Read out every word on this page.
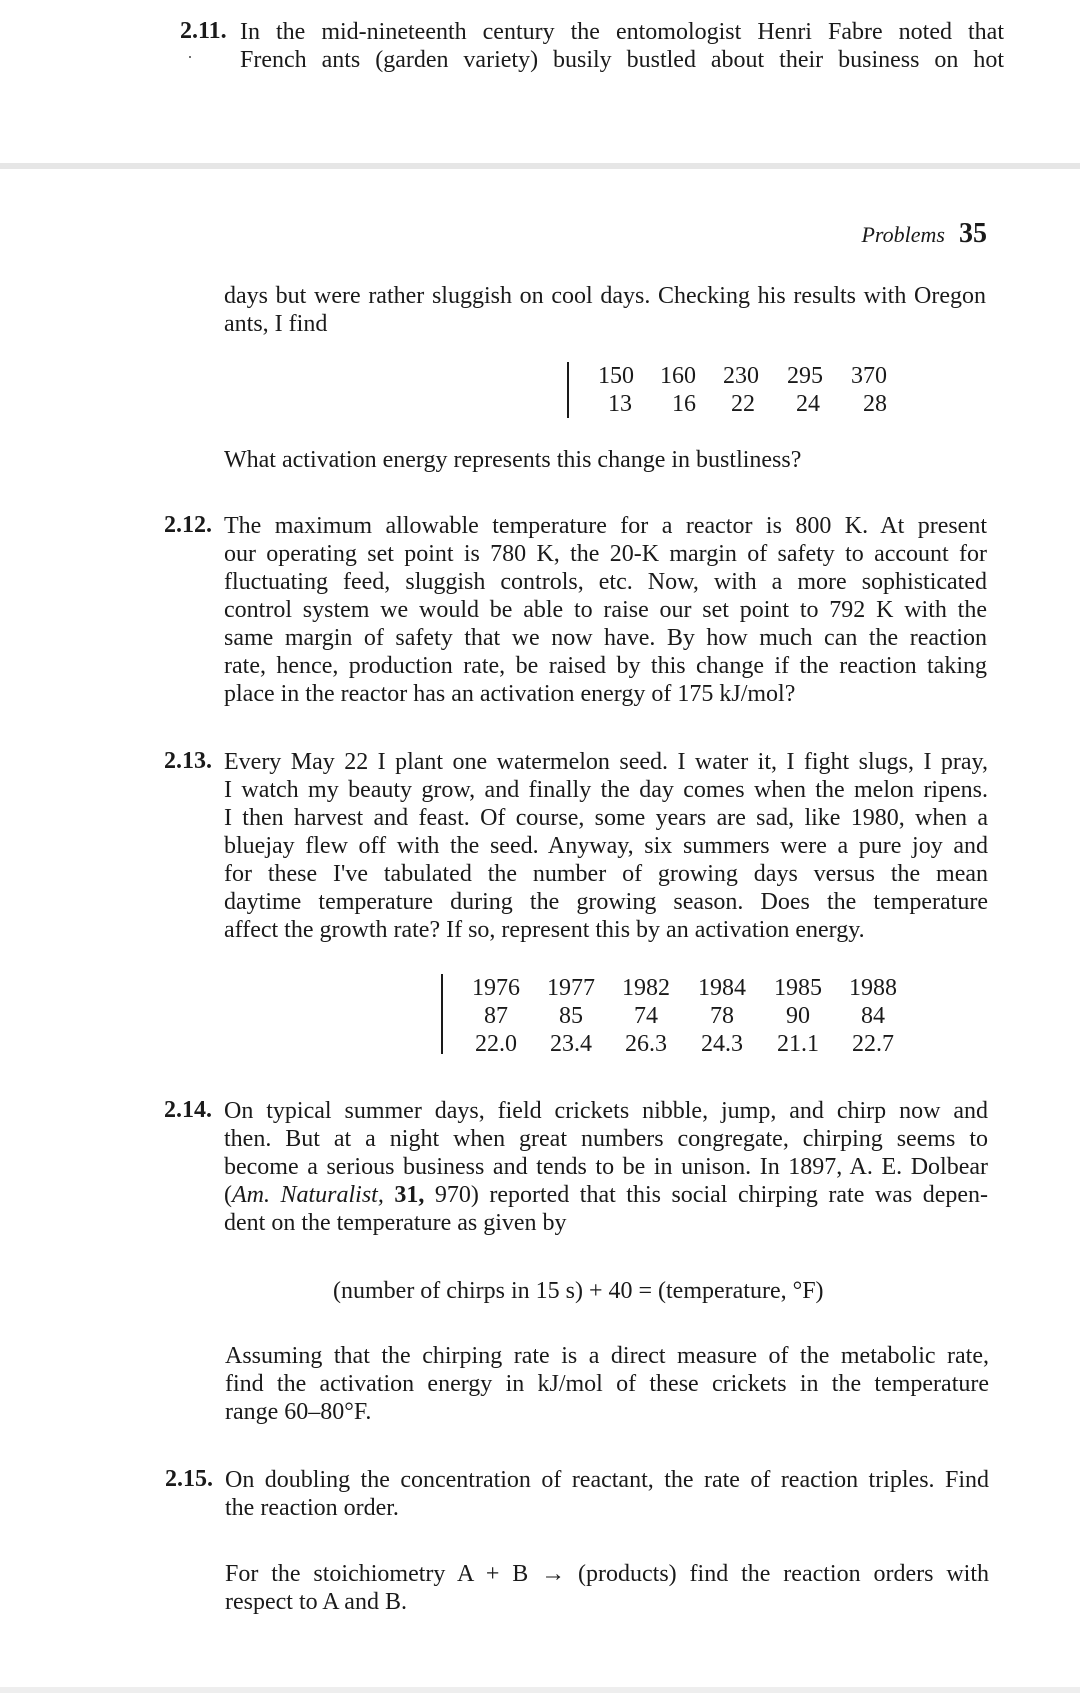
2.11. In the mid-nineteenth century the entomologist Henri Fabre noted that
French ants (garden variety) busily bustled about their business on hot
Problems 35
days but were rather sluggish on cool days. Checking his results with Oregon
ants, I find
150	160	230	295	370
13	16	22	24	28
What activation energy represents this change in bustliness?
2.12. The maximum allowable temperature for a reactor is 800 K. At present
our operating set point is 780 K, the 20-K margin of safety to account for
fluctuating feed, sluggish controls, etc. Now, with a more sophisticated
control system we would be able to raise our set point to 792 K with the
same margin of safety that we now have. By how much can the reaction
rate, hence, production rate, be raised by this change if the reaction taking
place in the reactor has an activation energy of 175 kJ/mol?
2.13. Every May 22 I plant one watermelon seed. I water it, I fight slugs, I pray,
I watch my beauty grow, and finally the day comes when the melon ripens.
I then harvest and feast. Of course, some years are sad, like 1980, when a
bluejay flew off with the seed. Anyway, six summers were a pure joy and
for these I've tabulated the number of growing days versus the mean
daytime temperature during the growing season. Does the temperature
affect the growth rate? If so, represent this by an activation energy.
1976	1977	1982	1984	1985	1988
87	85	74	78	90	84
22.0	23.4	26.3	24.3	21.1	22.7
2.14. On typical summer days, field crickets nibble, jump, and chirp now and
then. But at a night when great numbers congregate, chirping seems to
become a serious business and tends to be in unison. In 1897, A. E. Dolbear
(Am. Naturalist, 31, 970) reported that this social chirping rate was depen-
dent on the temperature as given by
(number of chirps in 15 s) + 40 = (temperature, °F)
Assuming that the chirping rate is a direct measure of the metabolic rate,
find the activation energy in kJ/mol of these crickets in the temperature
range 60–80°F.
2.15. On doubling the concentration of reactant, the rate of reaction triples. Find
the reaction order.
For the stoichiometry A + B → (products) find the reaction orders with
respect to A and B.
